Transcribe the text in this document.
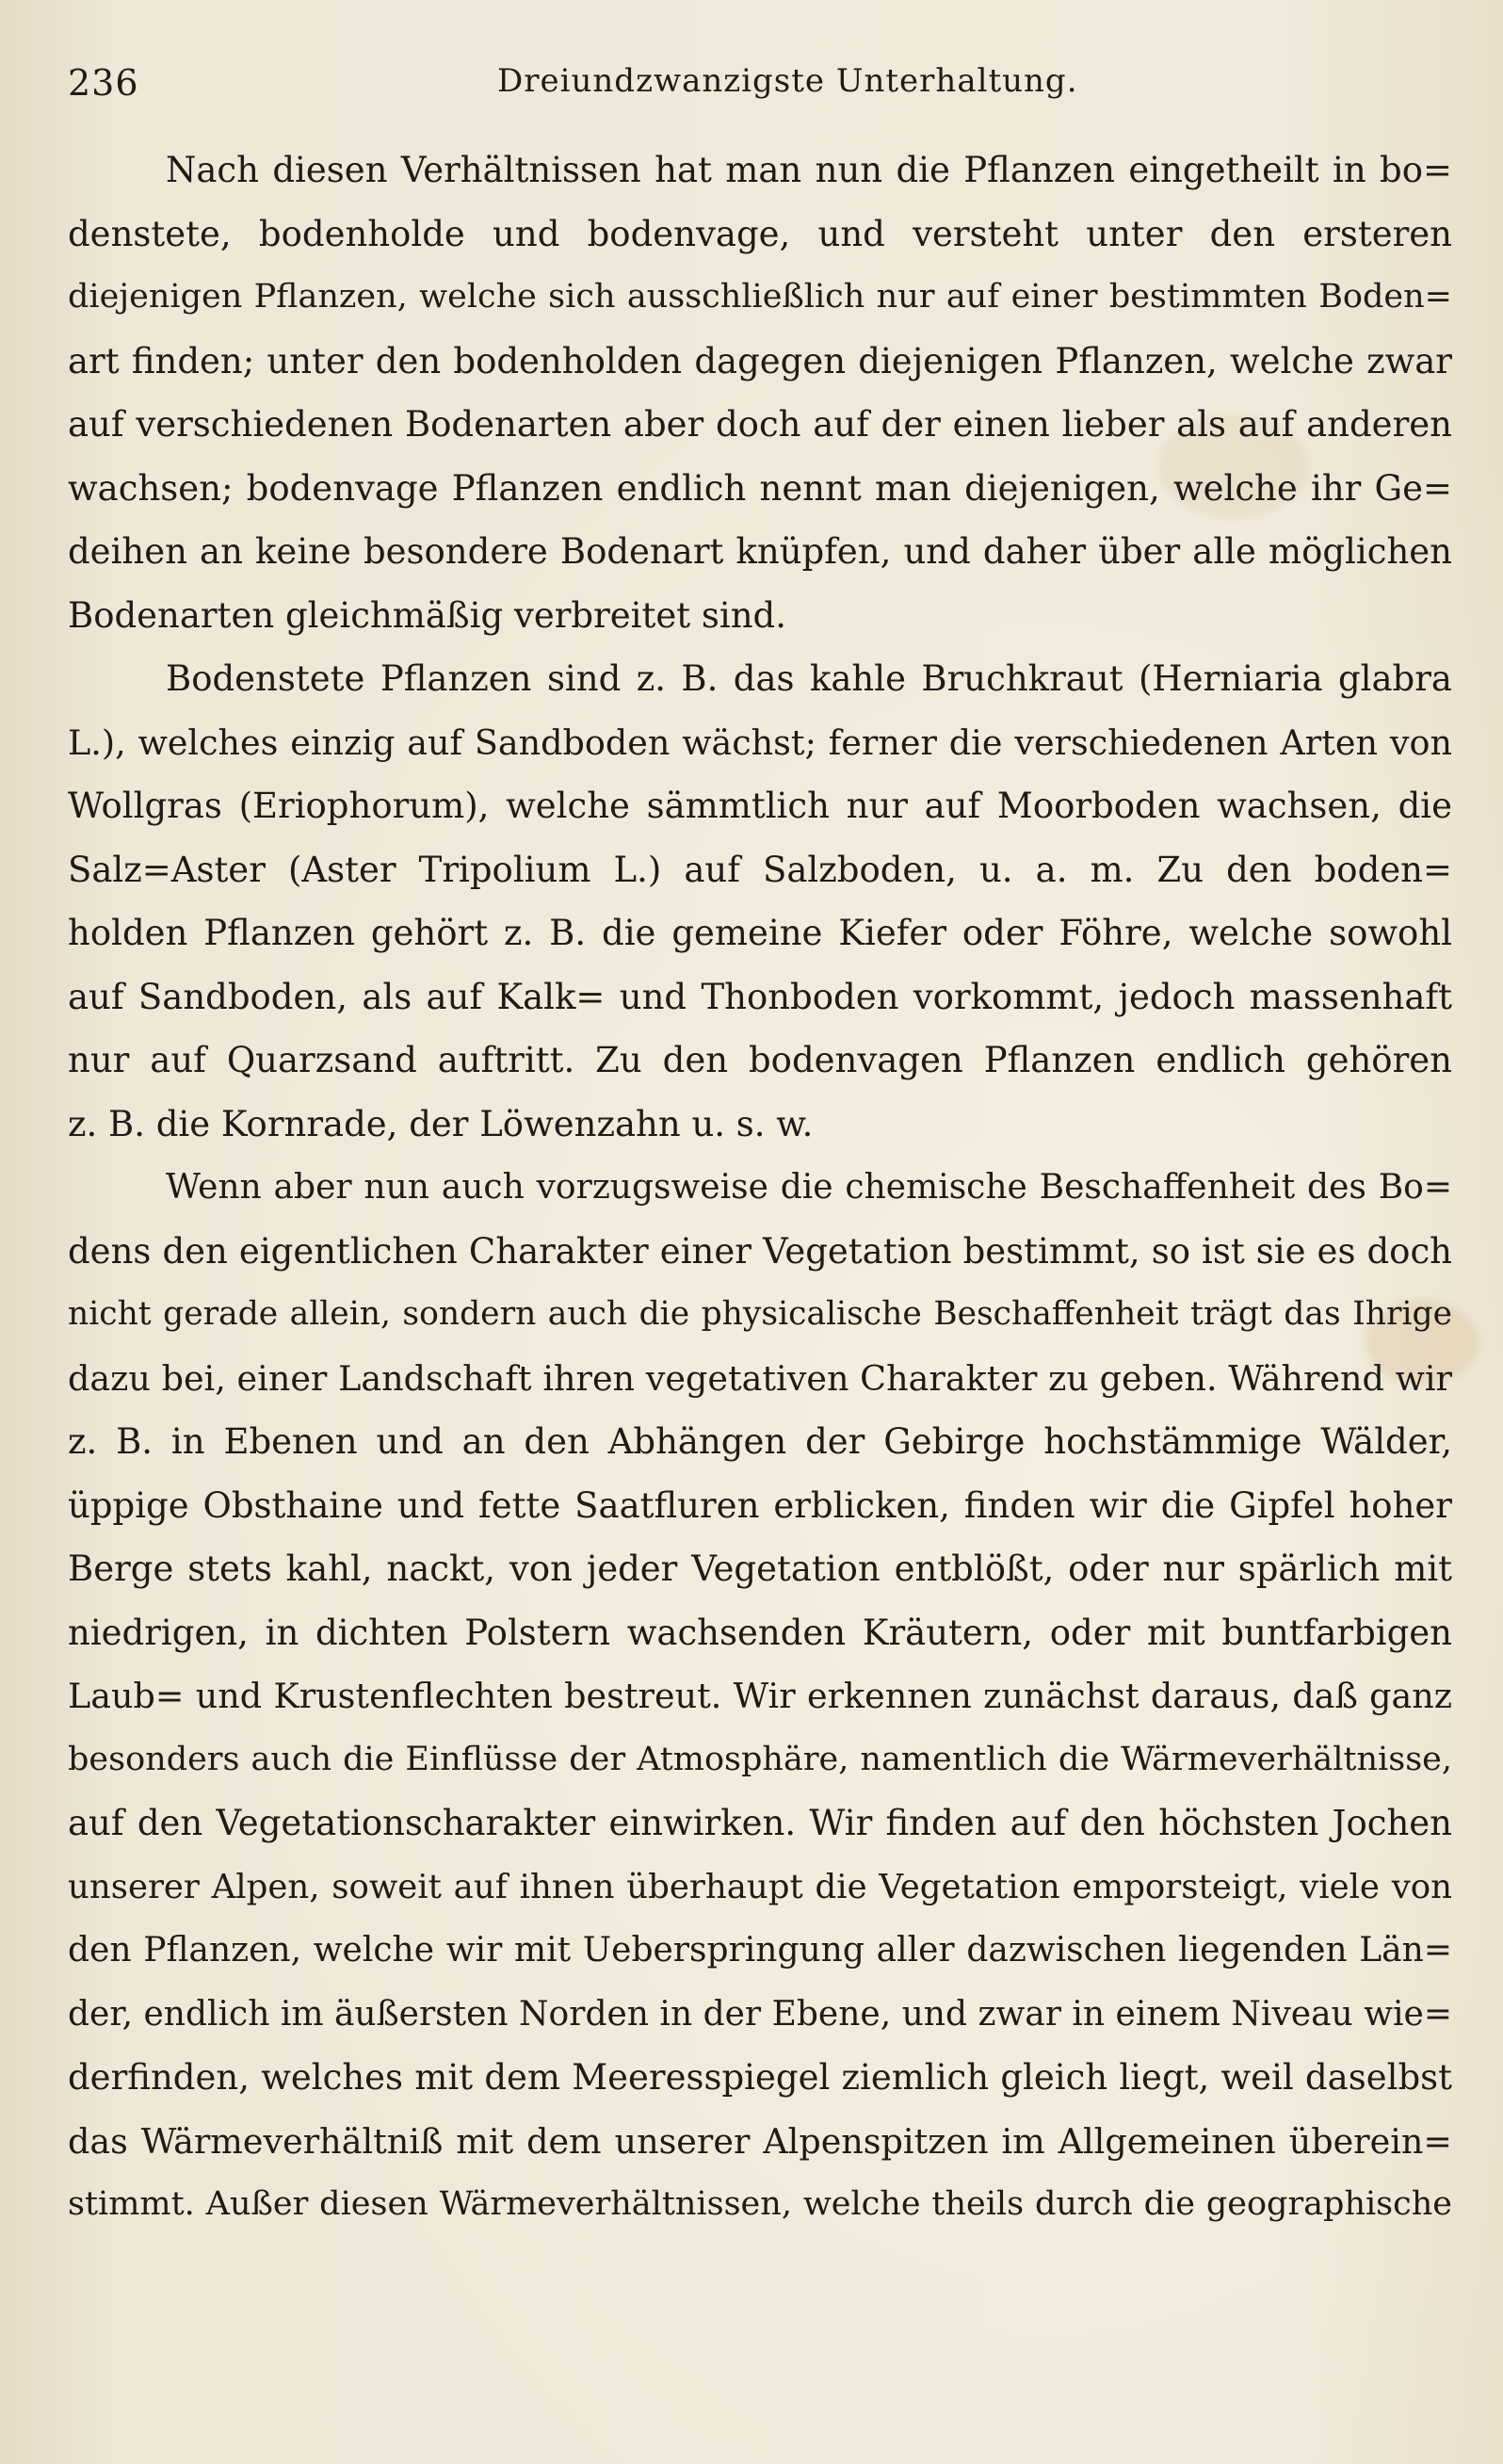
236	Dreiundzwanzigste Unterhaltung.
Nach diesen Verhältnissen hat man nun die Pflanzen eingetheilt in bo=
denstete, bodenholde und bodenvage, und versteht unter den ersteren
diejenigen Pflanzen, welche sich ausschließlich nur auf einer bestimmten Boden=
art finden; unter den bodenholden dagegen diejenigen Pflanzen, welche zwar
auf verschiedenen Bodenarten aber doch auf der einen lieber als auf anderen
wachsen; bodenvage Pflanzen endlich nennt man diejenigen, welche ihr Ge=
deihen an keine besondere Bodenart knüpfen, und daher über alle möglichen
Bodenarten gleichmäßig verbreitet sind.
Bodenstete Pflanzen sind z. B. das kahle Bruchkraut (Herniaria glabra
L.), welches einzig auf Sandboden wächst; ferner die verschiedenen Arten von
Wollgras (Eriophorum), welche sämmtlich nur auf Moorboden wachsen, die
Salz=Aster (Aster Tripolium L.) auf Salzboden, u. a. m. Zu den boden=
holden Pflanzen gehört z. B. die gemeine Kiefer oder Föhre, welche sowohl
auf Sandboden, als auf Kalk= und Thonboden vorkommt, jedoch massenhaft
nur auf Quarzsand auftritt. Zu den bodenvagen Pflanzen endlich gehören
z. B. die Kornrade, der Löwenzahn u. s. w.
Wenn aber nun auch vorzugsweise die chemische Beschaffenheit des Bo=
dens den eigentlichen Charakter einer Vegetation bestimmt, so ist sie es doch
nicht gerade allein, sondern auch die physicalische Beschaffenheit trägt das Ihrige
dazu bei, einer Landschaft ihren vegetativen Charakter zu geben. Während wir
z. B. in Ebenen und an den Abhängen der Gebirge hochstämmige Wälder,
üppige Obsthaine und fette Saatfluren erblicken, finden wir die Gipfel hoher
Berge stets kahl, nackt, von jeder Vegetation entblößt, oder nur spärlich mit
niedrigen, in dichten Polstern wachsenden Kräutern, oder mit buntfarbigen
Laub= und Krustenflechten bestreut. Wir erkennen zunächst daraus, daß ganz
besonders auch die Einflüsse der Atmosphäre, namentlich die Wärmeverhältnisse,
auf den Vegetationscharakter einwirken. Wir finden auf den höchsten Jochen
unserer Alpen, soweit auf ihnen überhaupt die Vegetation emporsteigt, viele von
den Pflanzen, welche wir mit Ueberspringung aller dazwischen liegenden Län=
der, endlich im äußersten Norden in der Ebene, und zwar in einem Niveau wie=
derfinden, welches mit dem Meeresspiegel ziemlich gleich liegt, weil daselbst
das Wärmeverhältniß mit dem unserer Alpenspitzen im Allgemeinen überein=
stimmt. Außer diesen Wärmeverhältnissen, welche theils durch die geographische
